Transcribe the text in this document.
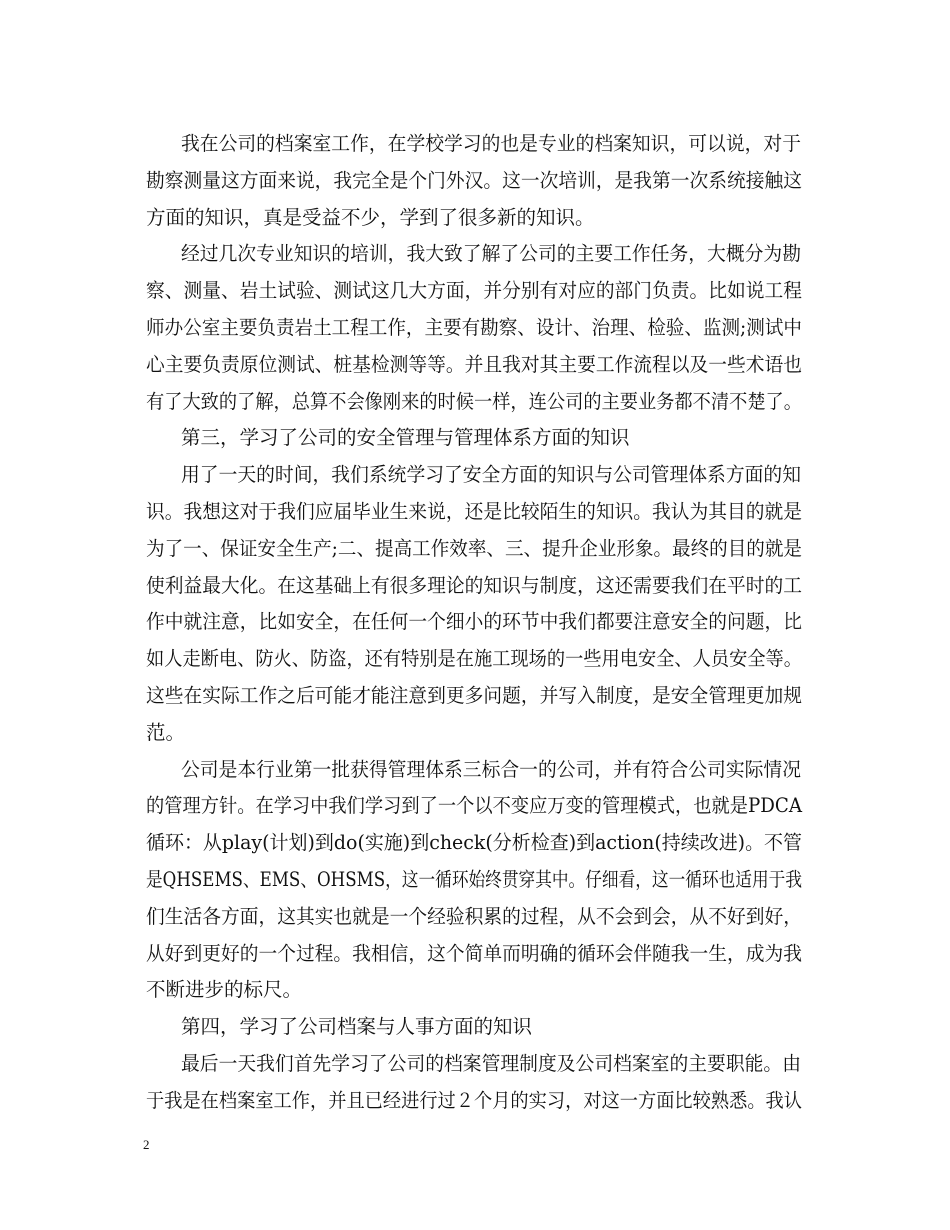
我在公司的档案室工作，在学校学习的也是专业的档案知识，可以说，对于
勘察测量这方面来说，我完全是个门外汉。这一次培训，是我第一次系统接触这
方面的知识，真是受益不少，学到了很多新的知识。
经过几次专业知识的培训，我大致了解了公司的主要工作任务，大概分为勘
察、测量、岩土试验、测试这几大方面，并分别有对应的部门负责。比如说工程
师办公室主要负责岩土工程工作，主要有勘察、设计、治理、检验、监测;测试中
心主要负责原位测试、桩基检测等等。并且我对其主要工作流程以及一些术语也
有了大致的了解，总算不会像刚来的时候一样，连公司的主要业务都不清不楚了。
第三，学习了公司的安全管理与管理体系方面的知识
用了一天的时间，我们系统学习了安全方面的知识与公司管理体系方面的知
识。我想这对于我们应届毕业生来说，还是比较陌生的知识。我认为其目的就是
为了一、保证安全生产;二、提高工作效率、三、提升企业形象。最终的目的就是
使利益最大化。在这基础上有很多理论的知识与制度，这还需要我们在平时的工
作中就注意，比如安全，在任何一个细小的环节中我们都要注意安全的问题，比
如人走断电、防火、防盗，还有特别是在施工现场的一些用电安全、人员安全等。
这些在实际工作之后可能才能注意到更多问题，并写入制度，是安全管理更加规
范。
公司是本行业第一批获得管理体系三标合一的公司，并有符合公司实际情况
的管理方针。在学习中我们学习到了一个以不变应万变的管理模式，也就是PDCA
循环：从play(计划)到do(实施)到check(分析检查)到action(持续改进)。不管
是QHSEMS、EMS、OHSMS，这一循环始终贯穿其中。仔细看，这一循环也适用于我
们生活各方面，这其实也就是一个经验积累的过程，从不会到会，从不好到好，
从好到更好的一个过程。我相信，这个简单而明确的循环会伴随我一生，成为我
不断进步的标尺。
第四，学习了公司档案与人事方面的知识
最后一天我们首先学习了公司的档案管理制度及公司档案室的主要职能。由
于我是在档案室工作，并且已经进行过２个月的实习，对这一方面比较熟悉。我认
2
